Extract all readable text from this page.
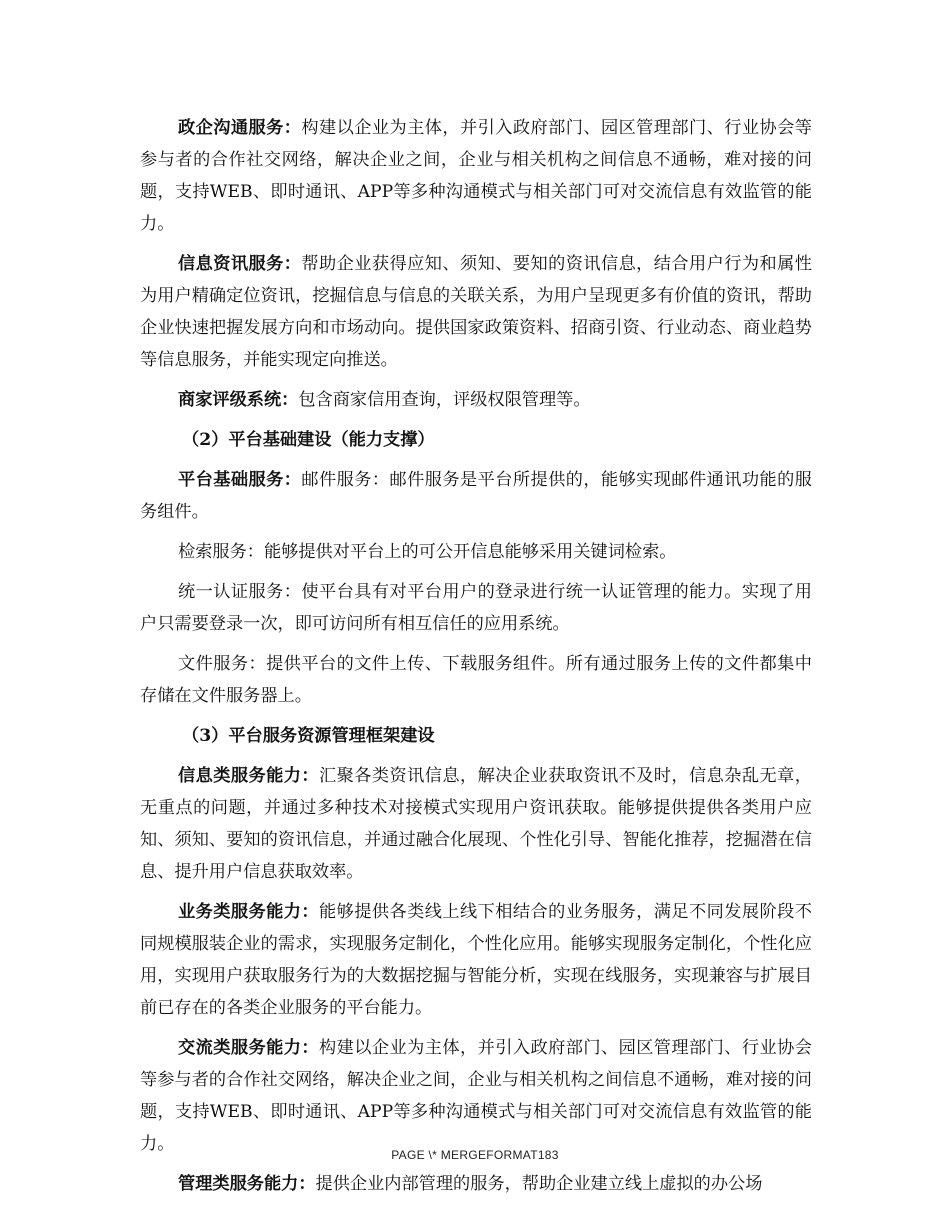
政企沟通服务：构建以企业为主体，并引入政府部门、园区管理部门、行业协会等参与者的合作社交网络，解决企业之间，企业与相关机构之间信息不通畅，难对接的问题，支持WEB、即时通讯、APP等多种沟通模式与相关部门可对交流信息有效监管的能力。

信息资讯服务：帮助企业获得应知、须知、要知的资讯信息，结合用户行为和属性为用户精确定位资讯，挖掘信息与信息的关联关系，为用户呈现更多有价值的资讯，帮助企业快速把握发展方向和市场动向。提供国家政策资料、招商引资、行业动态、商业趋势等信息服务，并能实现定向推送。

商家评级系统：包含商家信用查询，评级权限管理等。

（2）平台基础建设（能力支撑）

平台基础服务：邮件服务：邮件服务是平台所提供的，能够实现邮件通讯功能的服务组件。

检索服务：能够提供对平台上的可公开信息能够采用关键词检索。

统一认证服务：使平台具有对平台用户的登录进行统一认证管理的能力。实现了用户只需要登录一次，即可访问所有相互信任的应用系统。

文件服务：提供平台的文件上传、下载服务组件。所有通过服务上传的文件都集中存储在文件服务器上。

（3）平台服务资源管理框架建设

信息类服务能力：汇聚各类资讯信息，解决企业获取资讯不及时，信息杂乱无章，无重点的问题，并通过多种技术对接模式实现用户资讯获取。能够提供提供各类用户应知、须知、要知的资讯信息，并通过融合化展现、个性化引导、智能化推荐，挖掘潜在信息、提升用户信息获取效率。

业务类服务能力：能够提供各类线上线下相结合的业务服务，满足不同发展阶段不同规模服装企业的需求，实现服务定制化，个性化应用。能够实现服务定制化，个性化应用，实现用户获取服务行为的大数据挖掘与智能分析，实现在线服务，实现兼容与扩展目前已存在的各类企业服务的平台能力。

交流类服务能力：构建以企业为主体，并引入政府部门、园区管理部门、行业协会等参与者的合作社交网络，解决企业之间，企业与相关机构之间信息不通畅，难对接的问题，支持WEB、即时通讯、APP等多种沟通模式与相关部门可对交流信息有效监管的能力。

管理类服务能力：提供企业内部管理的服务，帮助企业建立线上虚拟的办公场

PAGE \* MERGEFORMAT183
